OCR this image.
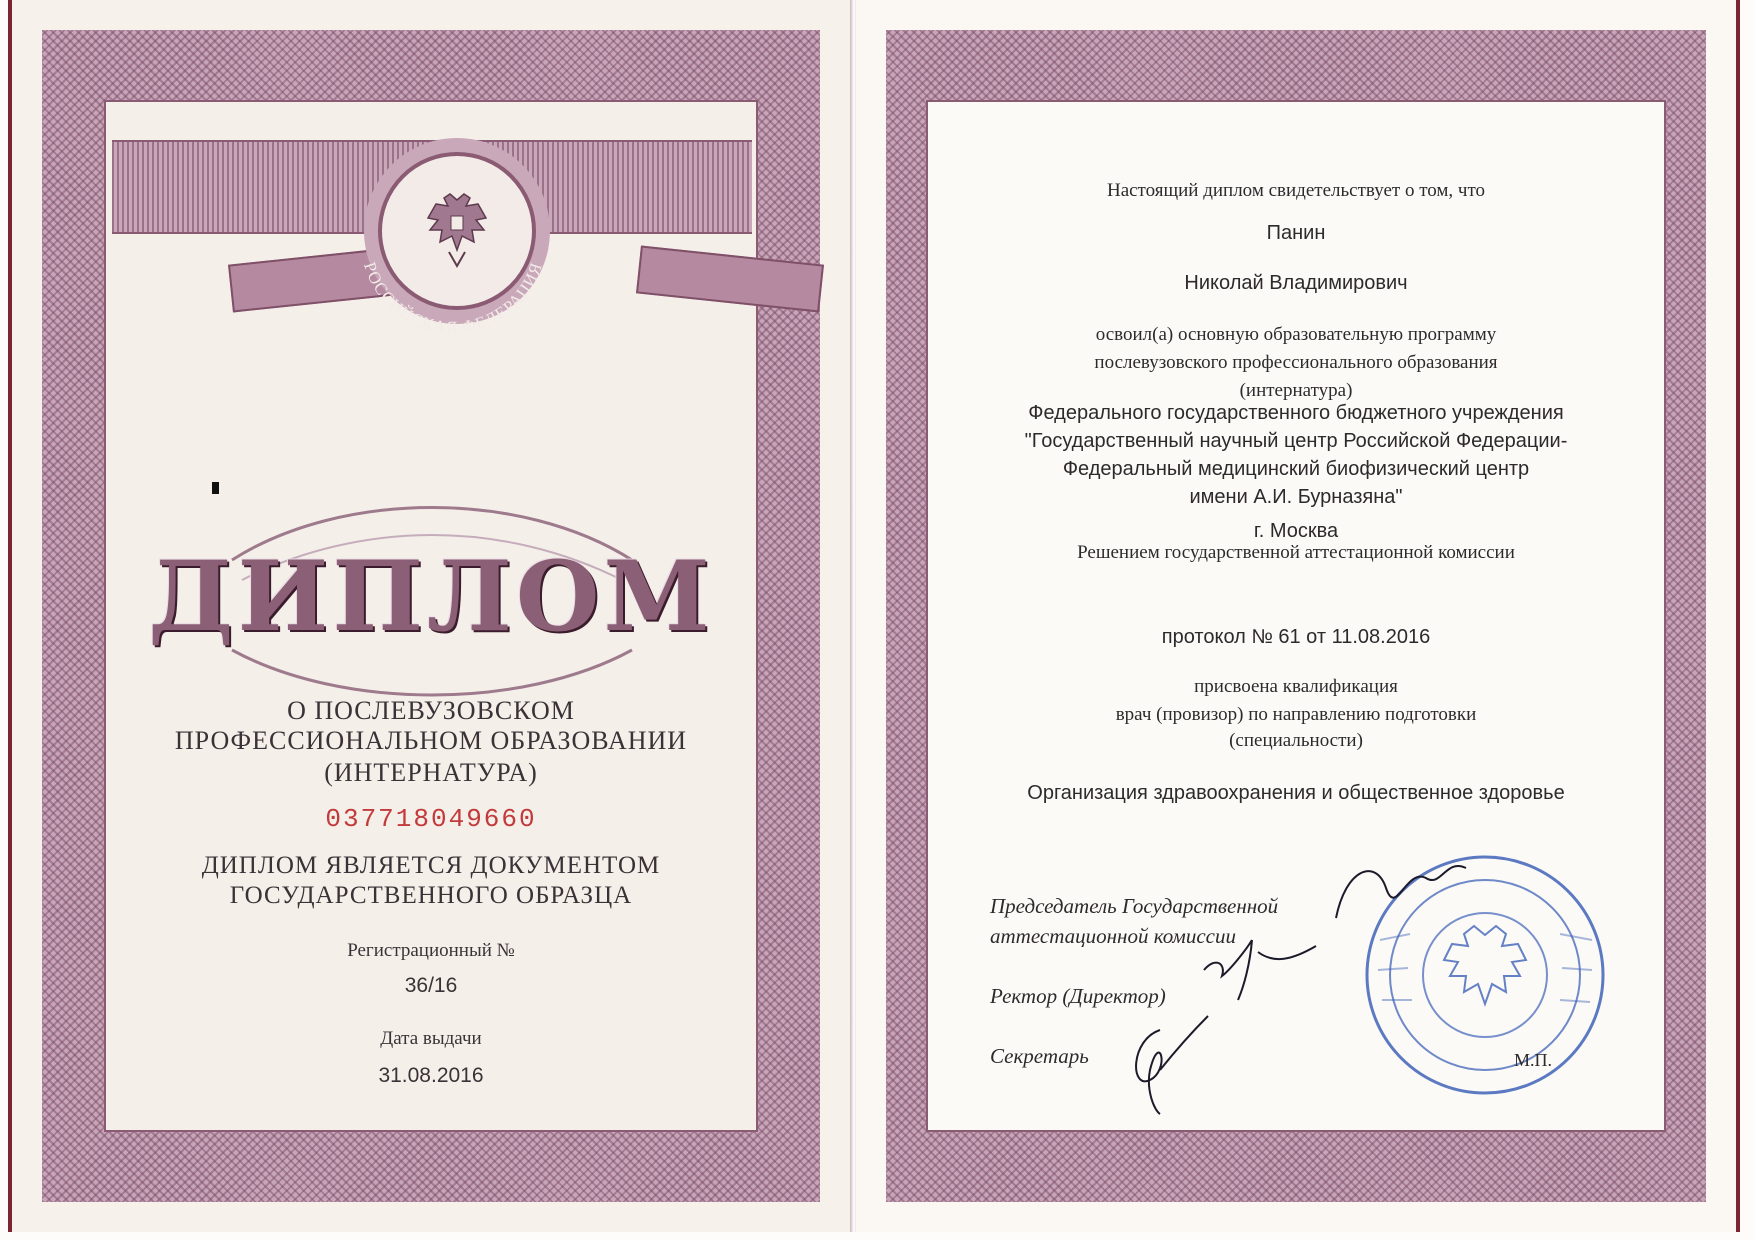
РОССИЙСКАЯ ФЕДЕРАЦИЯ
ДИПЛОМ
О ПОСЛЕВУЗОВСКОМ
ПРОФЕССИОНАЛЬНОМ ОБРАЗОВАНИИ
(ИНТЕРНАТУРА)
037718049660
ДИПЛОМ ЯВЛЯЕТСЯ ДОКУМЕНТОМ
ГОСУДАРСТВЕННОГО ОБРАЗЦА
Регистрационный №
36/16
Дата выдачи
31.08.2016
Настоящий диплом свидетельствует о том, что
Панин
Николай Владимирович
освоил(а) основную образовательную программу
послевузовского профессионального образования
(интернатура)
Федерального государственного бюджетного учреждения
"Государственный научный центр Российской Федерации-
Федеральный медицинский биофизический центр
имени А.И. Бурназяна"
г. Москва
Решением государственной аттестационной комиссии
протокол № 61 от 11.08.2016
присвоена квалификация
врач (провизор) по направлению подготовки
(специальности)
Организация здравоохранения и общественное здоровье
Председатель Государственной
аттестационной комиссии
Ректор (Директор)
Секретарь	М.П.
